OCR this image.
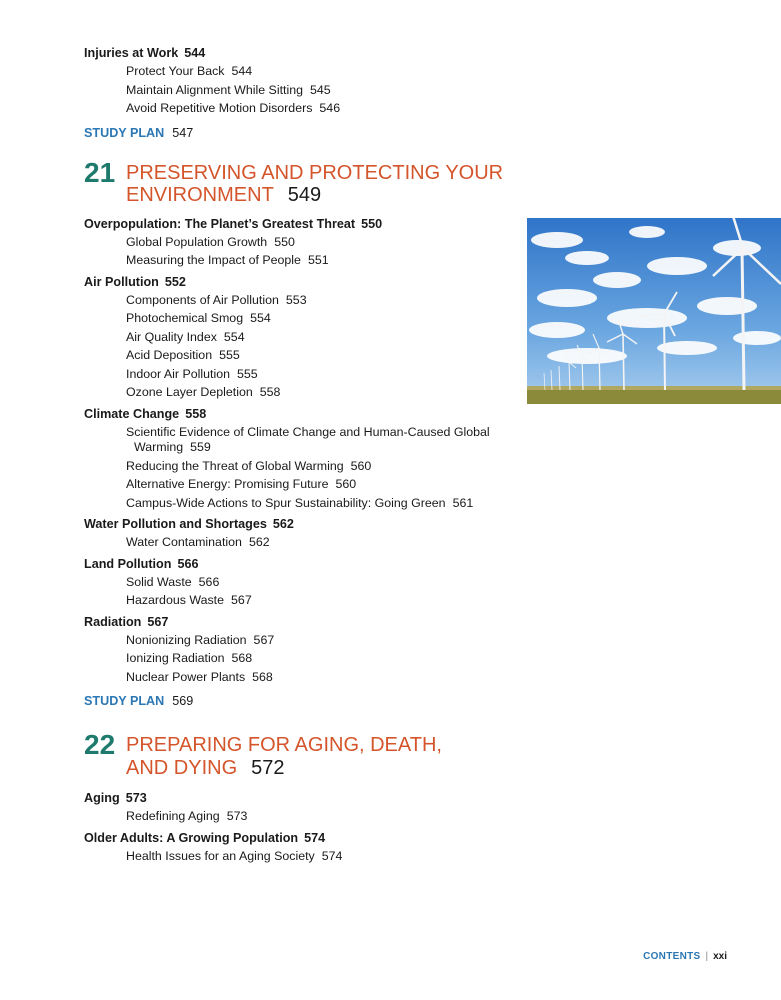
Injuries at Work 544
Protect Your Back 544
Maintain Alignment While Sitting 545
Avoid Repetitive Motion Disorders 546
STUDY PLAN 547
21 PRESERVING AND PROTECTING YOUR
ENVIRONMENT 549
Overpopulation: The Planet’s Greatest Threat 550
Global Population Growth 550
Measuring the Impact of People 551
Air Pollution 552
Components of Air Pollution 553
Photochemical Smog 554
Air Quality Index 554
Acid Deposition 555
Indoor Air Pollution 555
Ozone Layer Depletion 558
Climate Change 558
Scientific Evidence of Climate Change and Human-Caused Global Warming 559
Reducing the Threat of Global Warming 560
Alternative Energy: Promising Future 560
Campus-Wide Actions to Spur Sustainability: Going Green 561
Water Pollution and Shortages 562
Water Contamination 562
Land Pollution 566
Solid Waste 566
Hazardous Waste 567
Radiation 567
Nonionizing Radiation 567
Ionizing Radiation 568
Nuclear Power Plants 568
STUDY PLAN 569
22 PREPARING FOR AGING, DEATH,
AND DYING 572
Aging 573
Redefining Aging 573
Older Adults: A Growing Population 574
Health Issues for an Aging Society 574
CONTENTS | xxi
